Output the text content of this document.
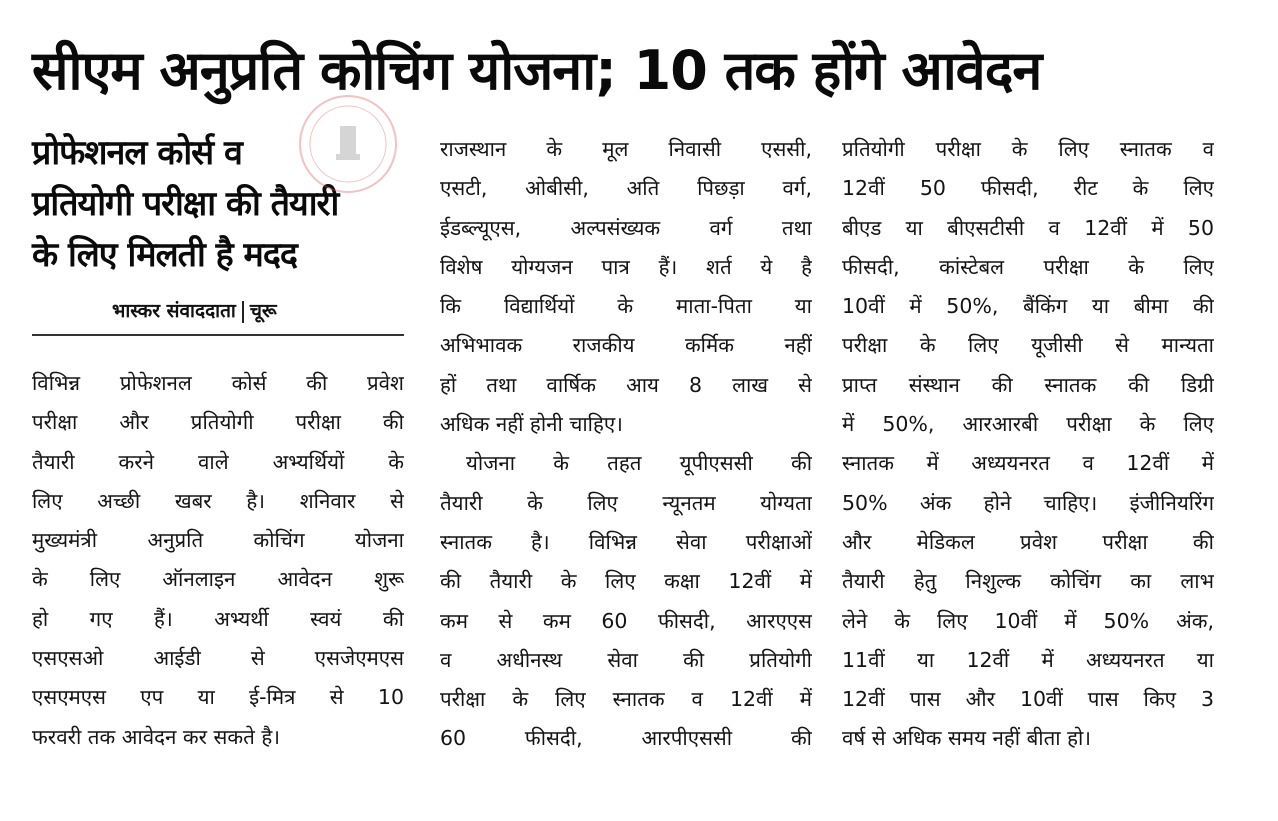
सीएम अनुप्रति कोचिंग योजना; 10 तक होंगे आवेदन
प्रोफेशनल कोर्स व
प्रतियोगी परीक्षा की तैयारी
के लिए मिलती है मदद
भास्कर संवाददाता चूरू
विभिन्न प्रोफेशनल कोर्स की प्रवेश
परीक्षा और प्रतियोगी परीक्षा की
तैयारी करने वाले अभ्यर्थियों के
लिए अच्छी खबर है। शनिवार से
मुख्यमंत्री अनुप्रति कोचिंग योजना
के लिए ऑनलाइन आवेदन शुरू
हो गए हैं। अभ्यर्थी स्वयं की
एसएसओ आईडी से एसजेएमएस
एसएमएस एप या ई-मित्र से 10
फरवरी तक आवेदन कर सकते है।
राजस्थान के मूल निवासी एससी,
एसटी, ओबीसी, अति पिछड़ा वर्ग,
ईडब्ल्यूएस, अल्पसंख्यक वर्ग तथा
विशेष योग्यजन पात्र हैं। शर्त ये है
कि विद्यार्थियों के माता-पिता या
अभिभावक राजकीय कर्मिक नहीं
हों तथा वार्षिक आय 8 लाख से
अधिक नहीं होनी चाहिए।
योजना के तहत यूपीएससी की
तैयारी के लिए न्यूनतम योग्यता
स्नातक है। विभिन्न सेवा परीक्षाओं
की तैयारी के लिए कक्षा 12वीं में
कम से कम 60 फीसदी, आरएएस
व अधीनस्थ सेवा की प्रतियोगी
परीक्षा के लिए स्नातक व 12वीं में
60 फीसदी, आरपीएससी की
प्रतियोगी परीक्षा के लिए स्नातक व
12वीं 50 फीसदी, रीट के लिए
बीएड या बीएसटीसी व 12वीं में 50
फीसदी, कांस्टेबल परीक्षा के लिए
10वीं में 50%, बैंकिंग या बीमा की
परीक्षा के लिए यूजीसी से मान्यता
प्राप्त संस्थान की स्नातक की डिग्री
में 50%, आरआरबी परीक्षा के लिए
स्नातक में अध्ययनरत व 12वीं में
50% अंक होने चाहिए। इंजीनियरिंग
और मेडिकल प्रवेश परीक्षा की
तैयारी हेतु निशुल्क कोचिंग का लाभ
लेने के लिए 10वीं में 50% अंक,
11वीं या 12वीं में अध्ययनरत या
12वीं पास और 10वीं पास किए 3
वर्ष से अधिक समय नहीं बीता हो।
